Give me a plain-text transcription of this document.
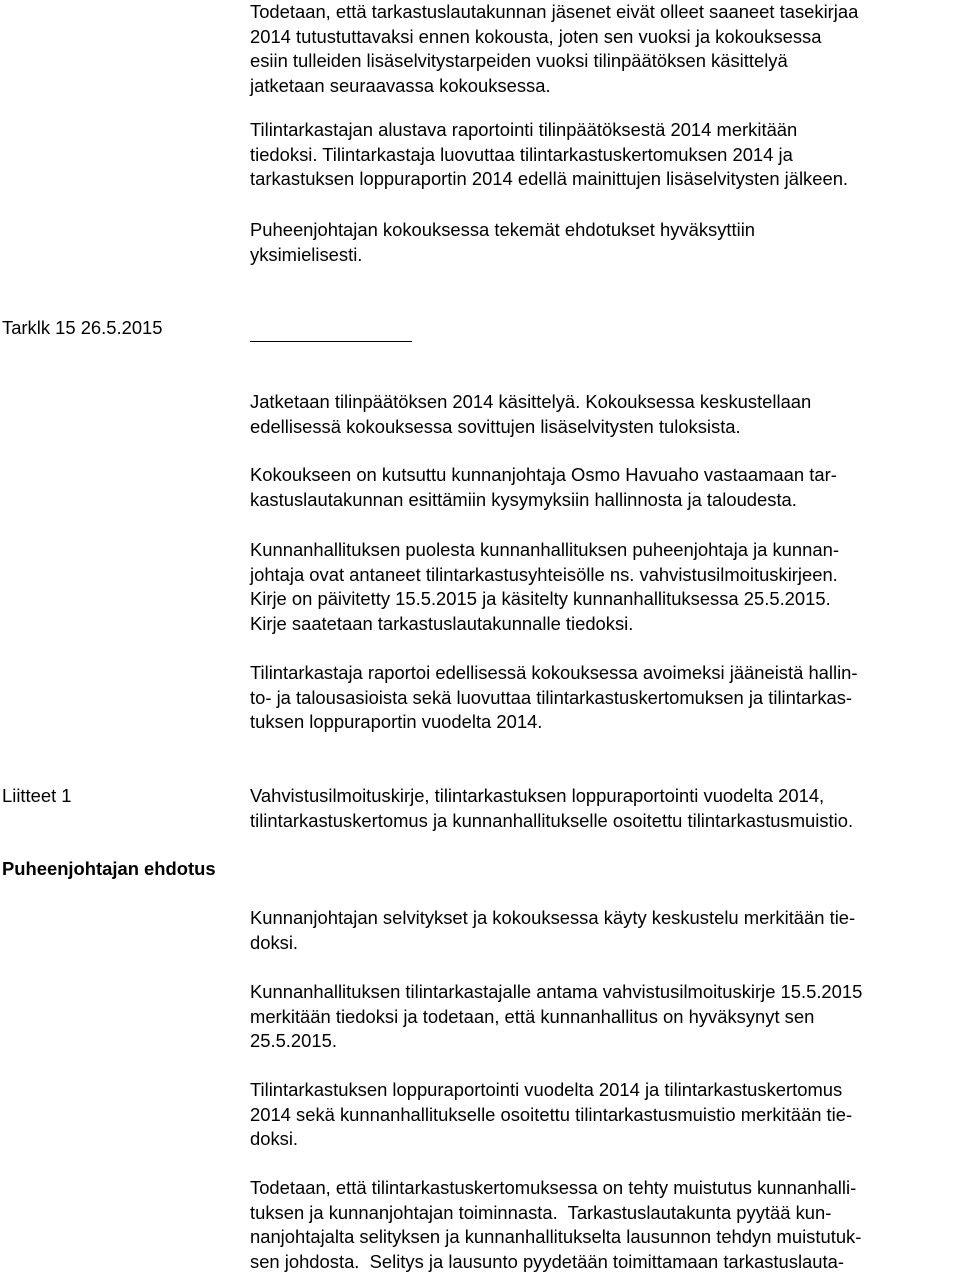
Todetaan, että tarkastuslautakunnan jäsenet eivät olleet saaneet tasekirjaa
2014 tutustuttavaksi ennen kokousta, joten sen vuoksi ja kokouksessa
esiin tulleiden lisäselvitystarpeiden vuoksi tilinpäätöksen käsittelyä
jatketaan seuraavassa kokouksessa.

Tilintarkastajan alustava raportointi tilinpäätöksestä 2014 merkitään
tiedoksi. Tilintarkastaja luovuttaa tilintarkastuskertomuksen 2014 ja
tarkastuksen loppuraportin 2014 edellä mainittujen lisäselvitysten jälkeen.

Puheenjohtajan kokouksessa tekemät ehdotukset hyväksyttiin
yksimielisesti.

Tarklk 15 26.5.2015

Jatketaan tilinpäätöksen 2014 käsittelyä. Kokouksessa keskustellaan
edellisessä kokouksessa sovittujen lisäselvitysten tuloksista.

Kokoukseen on kutsuttu kunnanjohtaja Osmo Havuaho vastaamaan tar-
kastuslautakunnan esittämiin kysymyksiin hallinnosta ja taloudesta.

Kunnanhallituksen puolesta kunnanhallituksen puheenjohtaja ja kunnan-
johtaja ovat antaneet tilintarkastusyhteisölle ns. vahvistusilmoituskirjeen.
Kirje on päivitetty 15.5.2015 ja käsitelty kunnanhallituksessa 25.5.2015.
Kirje saatetaan tarkastuslautakunnalle tiedoksi.

Tilintarkastaja raportoi edellisessä kokouksessa avoimeksi jääneistä hallin-
to- ja talousasioista sekä luovuttaa tilintarkastuskertomuksen ja tilintarkas-
tuksen loppuraportin vuodelta 2014.

Liitteet 1	Vahvistusilmoituskirje, tilintarkastuksen loppuraportointi vuodelta 2014,
tilintarkastuskertomus ja kunnanhallitukselle osoitettu tilintarkastusmuistio.

Puheenjohtajan ehdotus

Kunnanjohtajan selvitykset ja kokouksessa käyty keskustelu merkitään tie-
doksi.

Kunnanhallituksen tilintarkastajalle antama vahvistusilmoituskirje 15.5.2015
merkitään tiedoksi ja todetaan, että kunnanhallitus on hyväksynyt sen
25.5.2015.

Tilintarkastuksen loppuraportointi vuodelta 2014 ja tilintarkastuskertomus
2014 sekä kunnanhallitukselle osoitettu tilintarkastusmuistio merkitään tie-
doksi.

Todetaan, että tilintarkastuskertomuksessa on tehty muistutus kunnanhalli-
tuksen ja kunnanjohtajan toiminnasta.  Tarkastuslautakunta pyytää kun-
nanjohtajalta selityksen ja kunnanhallitukselta lausunnon tehdyn muistutuk-
sen johdosta.  Selitys ja lausunto pyydetään toimittamaan tarkastuslauta-
